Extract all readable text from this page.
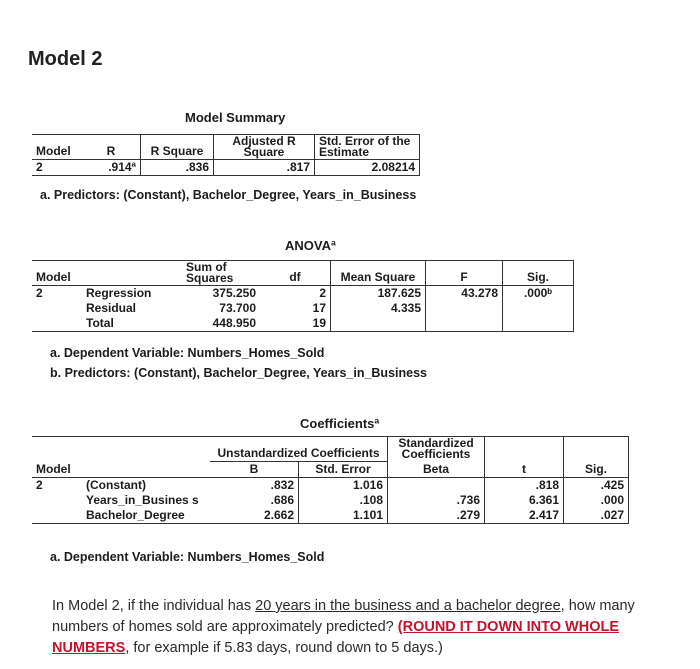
Model 2
Model Summary
Model	R	R Square	Adjusted R Square	Std. Error of the Estimate
2	.914ª	.836	.817	2.08214
a. Predictors: (Constant), Bachelor_Degree, Years_in_Business
ANOVAª
Model		Sum of Squares	df	Mean Square	F	Sig.
2	Regression	375.250	2	187.625	43.278	.000ᵇ
	Residual	73.700	17	4.335		
	Total	448.950	19			
a. Dependent Variable: Numbers_Homes_Sold
b. Predictors: (Constant), Bachelor_Degree, Years_in_Business
Coefficientsª
		Unstandardized Coefficients		Standardized Coefficients		
Model		B	Std. Error	Beta	t	Sig.
2	(Constant)	.832	1.016		.818	.425
	Years_in_Busines s	.686	.108	.736	6.361	.000
	Bachelor_Degree	2.662	1.101	.279	2.417	.027
a. Dependent Variable: Numbers_Homes_Sold
In Model 2, if the individual has 20 years in the business and a bachelor degree, how many numbers of homes sold are approximately predicted? (ROUND IT DOWN INTO WHOLE NUMBERS, for example if 5.83 days, round down to 5 days.)
